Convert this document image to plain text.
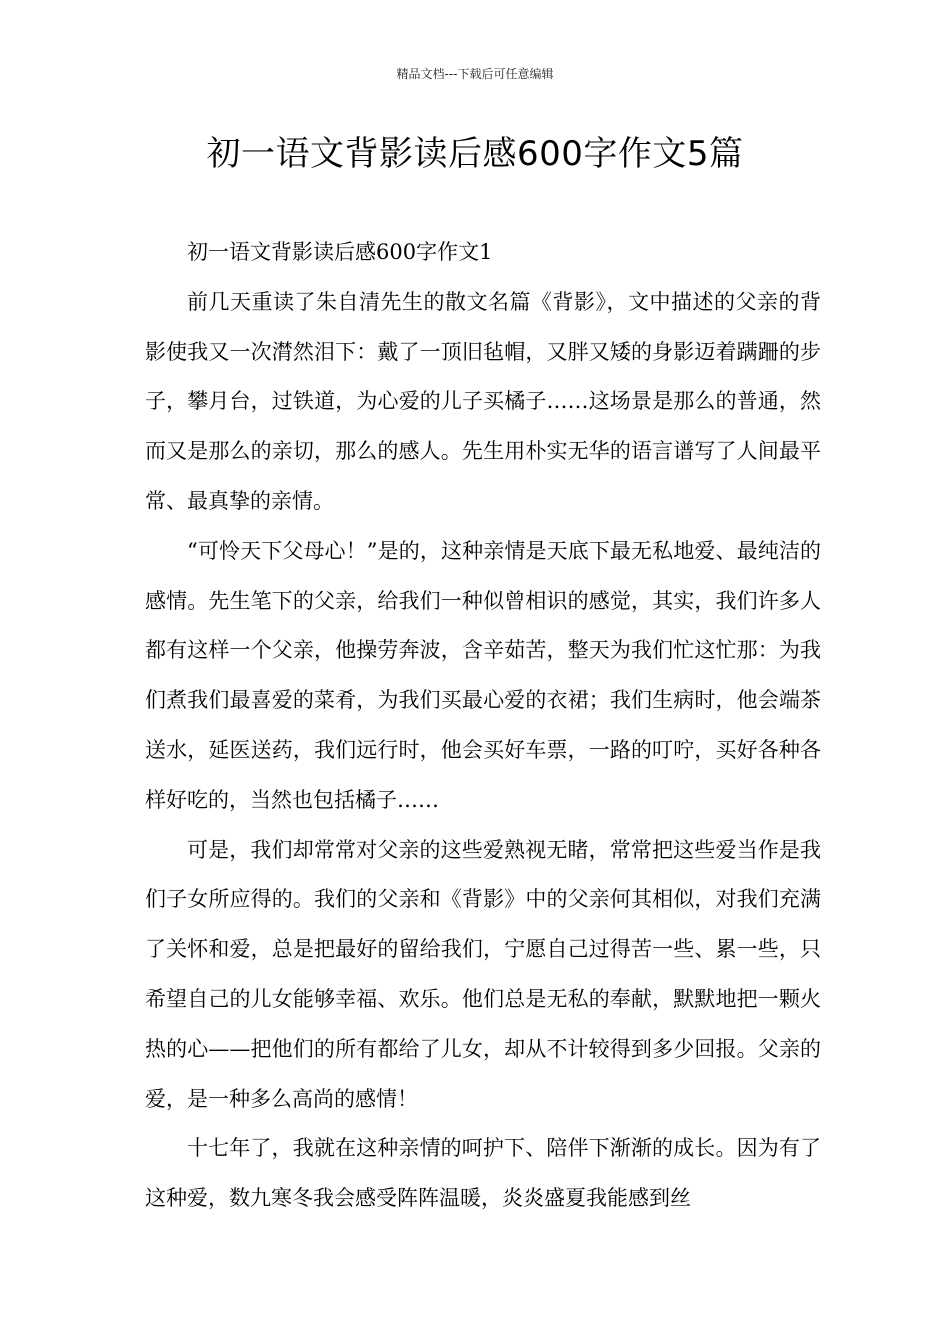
精品文档---下载后可任意编辑
初一语文背影读后感600字作文5篇

初一语文背影读后感600字作文1

前几天重读了朱自清先生的散文名篇《背影》，文中描述的父亲的背影使我又一次潸然泪下：戴了一顶旧毡帽，又胖又矮的身影迈着蹒跚的步子，攀月台，过铁道，为心爱的儿子买橘子……这场景是那么的普通，然而又是那么的亲切，那么的感人。先生用朴实无华的语言谱写了人间最平常、最真挚的亲情。

“可怜天下父母心！”是的，这种亲情是天底下最无私地爱、最纯洁的感情。先生笔下的父亲，给我们一种似曾相识的感觉，其实，我们许多人都有这样一个父亲，他操劳奔波，含辛茹苦，整天为我们忙这忙那：为我们煮我们最喜爱的菜肴，为我们买最心爱的衣裙；我们生病时，他会端茶送水，延医送药，我们远行时，他会买好车票，一路的叮咛，买好各种各样好吃的，当然也包括橘子……

可是，我们却常常对父亲的这些爱熟视无睹，常常把这些爱当作是我们子女所应得的。我们的父亲和《背影》中的父亲何其相似，对我们充满了关怀和爱，总是把最好的留给我们，宁愿自己过得苦一些、累一些，只希望自己的儿女能够幸福、欢乐。他们总是无私的奉献，默默地把一颗火热的心——把他们的所有都给了儿女，却从不计较得到多少回报。父亲的爱，是一种多么高尚的感情！

十七年了，我就在这种亲情的呵护下、陪伴下渐渐的成长。因为有了这种爱，数九寒冬我会感受阵阵温暖，炎炎盛夏我能感到丝
